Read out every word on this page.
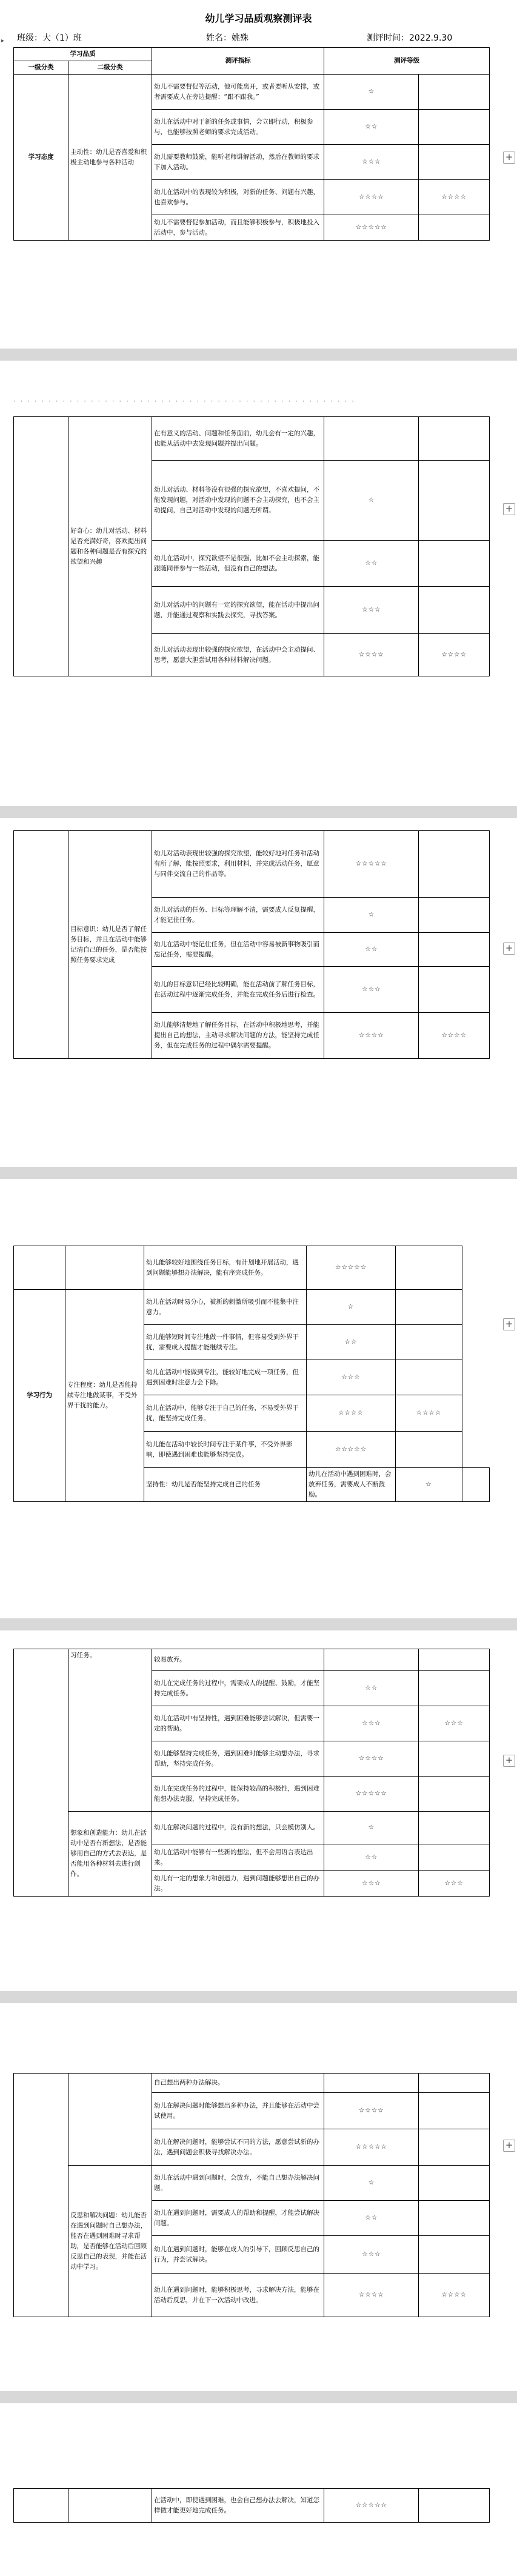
▸
幼儿学习品质观察测评表
班级：大（1）班	姓名：姚殊	测评时间：2022.9.30
+
学习品质		测评指标	测评等级	
一级分类	二级分类			
学习态度	主动性：幼儿是否喜爱和积极主动地参与各种活动	幼儿不需要督促等活动，他可能离开，或者要听从安排，或者需要成人在旁边提醒：“跟不跟我。”	☆	
		幼儿在活动中对于新的任务或事情，会立即行动，积极参与，也能够按照老师的要求完成活动。	☆☆	
		幼儿需要教师鼓励，能听老师讲解活动，然后在教师的要求下加入活动。	☆☆☆	
		幼儿在活动中的表现较为积极，对新的任务、问题有兴趣，也喜欢参与。	☆☆☆☆	☆☆☆☆
		幼儿不需要督促参加活动，而且能够积极参与，积极地投入活动中，参与活动。	☆☆☆☆☆	
· · · · · · · · · · · · · · · · · · · · · · · · · · · · · · · · · · · · · · · · · · · · · · · · ·
+
	好奇心：幼儿对活动、材料是否充满好奇，喜欢提出问题和各种问题是否有探究的欲望和兴趣	在有意义的活动、问题和任务面前，幼儿会有一定的兴趣，也能从活动中去发现问题并提出问题。		
		幼儿对活动、材料等没有很强的探究欲望，不喜欢提问，不能发现问题，对活动中发现的问题不会主动探究，也不会主动提问，自己对活动中发现的问题无所谓。	☆	
		幼儿在活动中，探究欲望不是很强，比如不会主动探索，能跟随同伴参与一些活动，但没有自己的想法。	☆☆	
		幼儿对活动中的问题有一定的探究欲望，能在活动中提出问题，并能通过观察和实践去探究，寻找答案。	☆☆☆	
		幼儿对活动表现出较强的探究欲望，在活动中会主动提问、思考，愿意大胆尝试用各种材料解决问题。	☆☆☆☆	☆☆☆☆
+
	目标意识：幼儿是否了解任务目标，并且在活动中能够记清自己的任务，是否能按照任务要求完成	幼儿对活动表现出较强的探究欲望，能较好地对任务和活动有所了解，能按照要求，利用材料，并完成活动任务，愿意与同伴交流自己的作品等。	☆☆☆☆☆	
		幼儿对活动的任务、目标等理解不清，需要成人反复提醒，才能记住任务。	☆	
		幼儿在活动中能记住任务，但在活动中容易被新事物吸引而忘记任务，需要提醒。	☆☆	
		幼儿的目标意识已经比较明确，能在活动前了解任务目标，在活动过程中逐渐完成任务，并能在完成任务后进行检查。	☆☆☆	
		幼儿能够清楚地了解任务目标，在活动中积极地思考，并能提出自己的想法，主动寻求解决问题的方法，能坚持完成任务，但在完成任务的过程中偶尔需要提醒。	☆☆☆☆	☆☆☆☆
+
		幼儿能够较好地围绕任务目标，有计划地开展活动，遇到问题能够想办法解决，能有序完成任务。	☆☆☆☆☆		
学习行为	专注程度：幼儿是否能持续专注地做某事，不受外界干扰的能力。	幼儿在活动时易分心，被新的刺激所吸引而不能集中注意力。	☆		
		幼儿能够短时间专注地做一件事情，但容易受到外界干扰，需要成人提醒才能继续专注。	☆☆		
		幼儿在活动中能做到专注，能较好地完成一项任务，但遇到困难时注意力会下降。	☆☆☆		
		幼儿在活动中，能够专注于自己的任务，不易受外界干扰，能坚持完成任务。	☆☆☆☆	☆☆☆☆	
		幼儿能在活动中较长时间专注于某件事，不受外界影响，即使遇到困难也能够坚持完成。	☆☆☆☆☆		
		坚持性：幼儿是否能坚持完成自己的任务	幼儿在活动中遇到困难时，会放弃任务，需要成人不断鼓励。	☆	
+
	习任务。	较易放弃。		
		幼儿在完成任务的过程中，需要成人的提醒、鼓励，才能坚持完成任务。	☆☆	
		幼儿在活动中有坚持性，遇到困难能够尝试解决，但需要一定的帮助。	☆☆☆	☆☆☆
		幼儿能够坚持完成任务，遇到困难时能够主动想办法，寻求帮助，坚持完成任务。	☆☆☆☆	
		幼儿在完成任务的过程中，能保持较高的积极性，遇到困难能想办法克服，坚持完成任务。	☆☆☆☆☆	
	想象和创造能力：幼儿在活动中是否有新想法，是否能够用自己的方式去表达，是否能用各种材料去进行创作。	幼儿在解决问题的过程中，没有新的想法，只会模仿别人。	☆	
		幼儿在活动中能够有一些新的想法，但不会用语言表达出来。	☆☆	
		幼儿有一定的想象力和创造力，遇到问题能够想出自己的办法。	☆☆☆	☆☆☆
+
		自己想出两种办法解决。		
		幼儿在解决问题时能够想出多种办法，并且能够在活动中尝试使用。	☆☆☆☆	
		幼儿在解决问题时，能够尝试不同的方法，愿意尝试新的办法，遇到问题会积极寻找解决办法。	☆☆☆☆☆	
	反思和解决问题：幼儿能否在遇到问题时自己想办法，能否在遇到困难时寻求帮助，是否能够在活动后回顾反思自己的表现，并能在活动中学习。	幼儿在活动中遇到问题时，会放弃，不能自己想办法解决问题。	☆	
		幼儿在遇到问题时，需要成人的帮助和提醒，才能尝试解决问题。	☆☆	
		幼儿在遇到问题时，能够在成人的引导下，回顾反思自己的行为，并尝试解决。	☆☆☆	
		幼儿在遇到问题时，能够积极思考，寻求解决方法，能够在活动后反思，并在下一次活动中改进。	☆☆☆☆	☆☆☆☆
		在活动中，即使遇到困难，也会自己想办法去解决，知道怎样做才能更好地完成任务。	☆☆☆☆☆	
